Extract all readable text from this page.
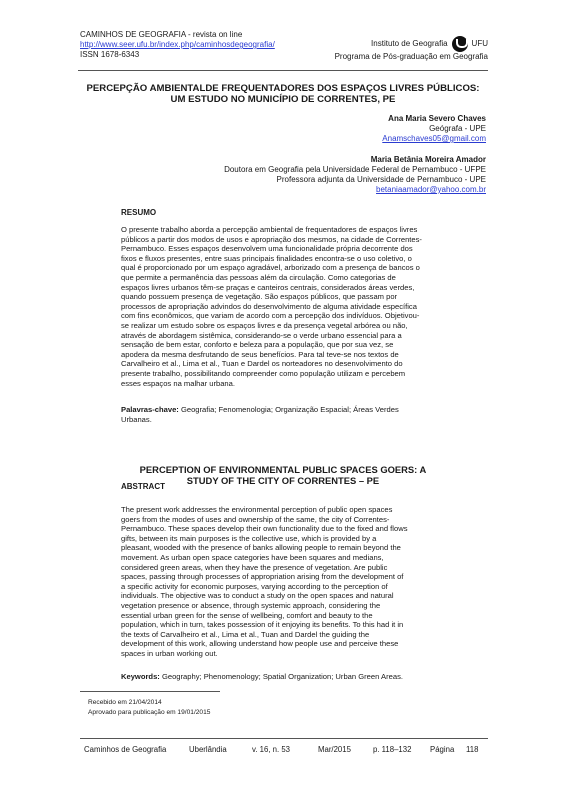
CAMINHOS DE GEOGRAFIA - revista on line
http://www.seer.ufu.br/index.php/caminhosdegeografia/
ISSN 1678-6343
Instituto de Geografia	UFU
Programa de Pós-graduação em Geografia
PERCEPÇÃO AMBIENTALDE FREQUENTADORES DOS ESPAÇOS LIVRES PÚBLICOS:
UM ESTUDO NO MUNICÍPIO DE CORRENTES, PE
Ana Maria Severo Chaves
Geógrafa - UPE
Anamschaves05@gmail.com
Maria Betânia Moreira Amador
Doutora em Geografia pela Universidade Federal de Pernambuco - UFPE
Professora adjunta da Universidade de Pernambuco - UPE
betaniaamador@yahoo.com.br
RESUMO
O presente trabalho aborda a percepção ambiental de frequentadores de espaços livres
públicos a partir dos modos de usos e apropriação dos mesmos, na cidade de Correntes-
Pernambuco. Esses espaços desenvolvem uma funcionalidade própria decorrente dos
fixos e fluxos presentes, entre suas principais finalidades encontra-se o uso coletivo, o
qual é proporcionado por um espaço agradável, arborizado com a presença de bancos o
que permite a permanência das pessoas além da circulação. Como categorias de
espaços livres urbanos têm-se praças e canteiros centrais, considerados áreas verdes,
quando possuem presença de vegetação. São espaços públicos, que passam por
processos de apropriação advindos do desenvolvimento de alguma atividade específica
com fins econômicos, que variam de acordo com a percepção dos indivíduos. Objetivou-
se realizar um estudo sobre os espaços livres e da presença vegetal arbórea ou não,
através de abordagem sistêmica, considerando-se o verde urbano essencial para a
sensação de bem estar, conforto e beleza para a população, que por sua vez, se
apodera da mesma desfrutando de seus benefícios. Para tal teve-se nos textos de
Carvalheiro et al., Lima et al., Tuan e Dardel os norteadores no desenvolvimento do
presente trabalho, possibilitando compreender como população utilizam e percebem
esses espaços na malhar urbana.
Palavras-chave: Geografia; Fenomenologia; Organização Espacial; Áreas Verdes
Urbanas.
PERCEPTION OF ENVIRONMENTAL PUBLIC SPACES GOERS: A
STUDY OF THE CITY OF CORRENTES – PE
ABSTRACT
The present work addresses the environmental perception of public open spaces
goers from the modes of uses and ownership of the same, the city of Correntes-
Pernambuco. These spaces develop their own functionality due to the fixed and flows
gifts, between its main purposes is the collective use, which is provided by a
pleasant, wooded with the presence of banks allowing people to remain beyond the
movement. As urban open space categories have been squares and medians,
considered green areas, when they have the presence of vegetation. Are public
spaces, passing through processes of appropriation arising from the development of
a specific activity for economic purposes, varying according to the perception of
individuals. The objective was to conduct a study on the open spaces and natural
vegetation presence or absence, through systemic approach, considering the
essential urban green for the sense of wellbeing, comfort and beauty to the
population, which in turn, takes possession of it enjoying its benefits. To this had it in
the texts of Carvalheiro et al., Lima et al., Tuan and Dardel the guiding the
development of this work, allowing understand how people use and perceive these
spaces in urban working out.
Keywords: Geography; Phenomenology; Spatial Organization; Urban Green Areas.
Recebido em 21/04/2014
Aprovado para publicação em 19/01/2015
Caminhos de Geografia	Uberlândia	v. 16, n. 53	Mar/2015	p. 118–132 Página 118
